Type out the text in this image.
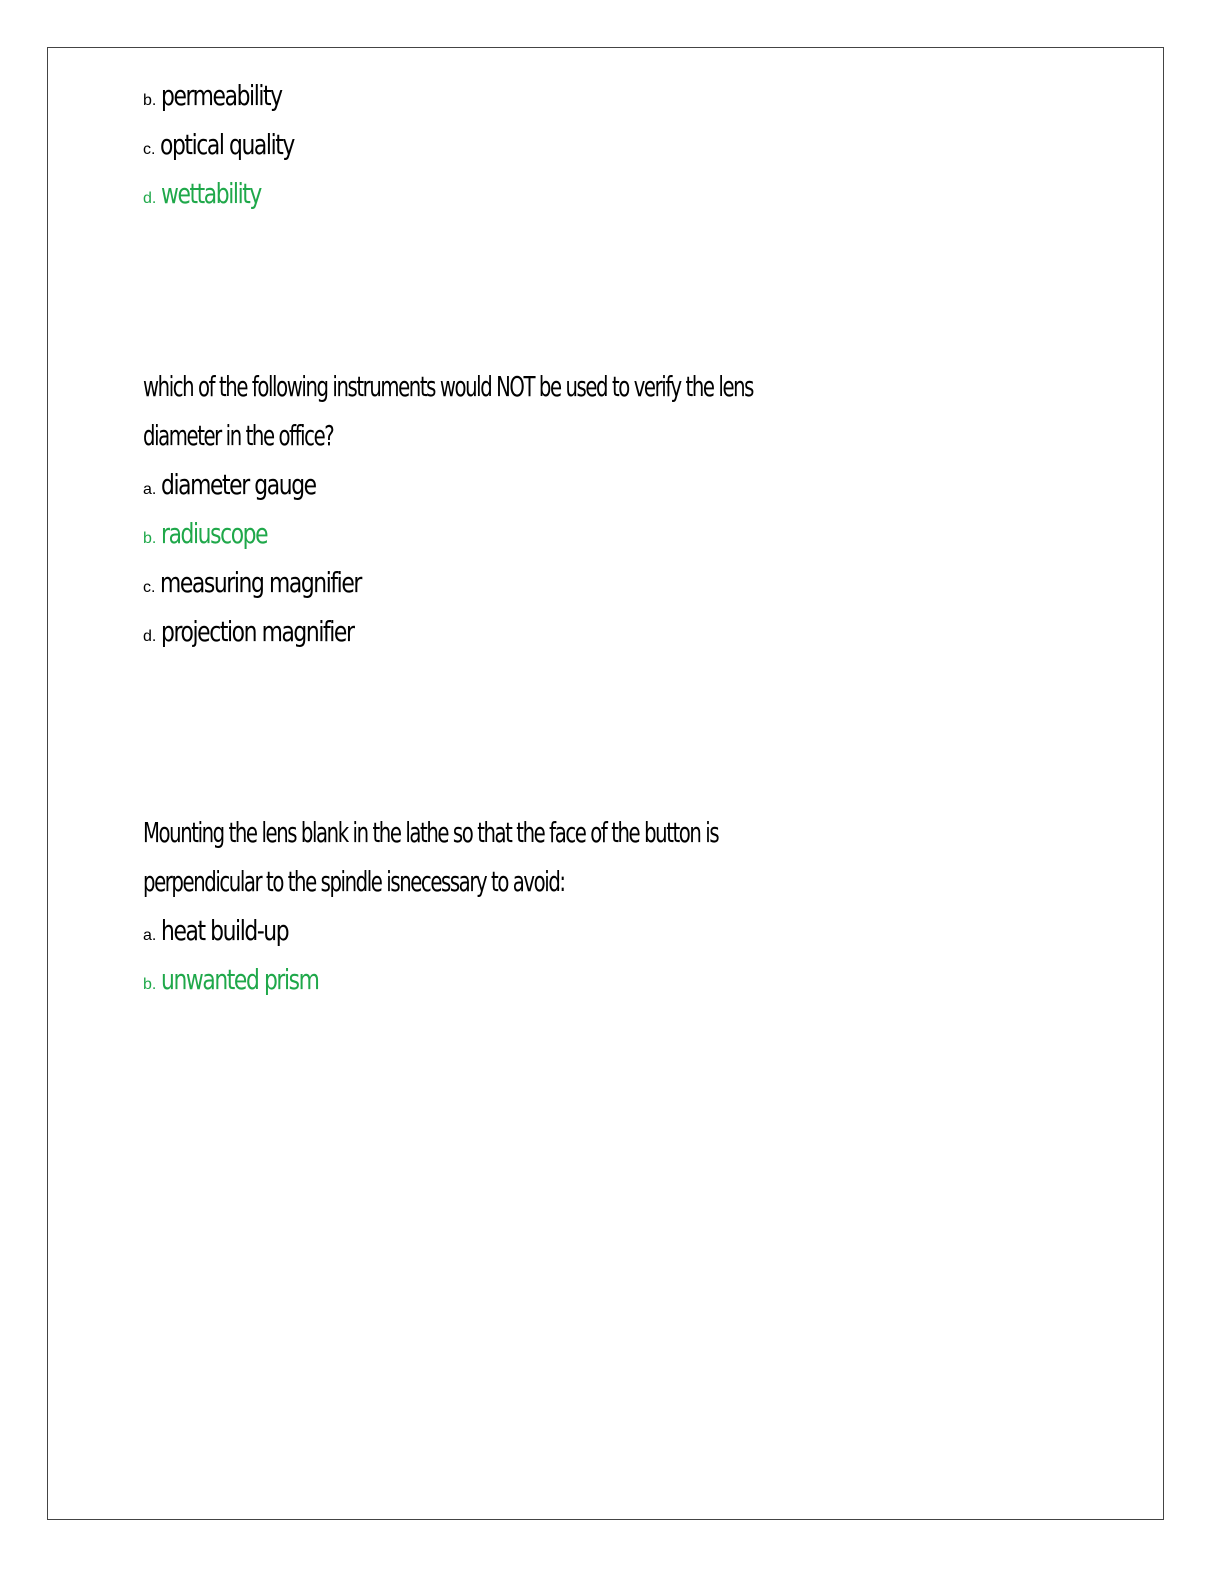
b. permeability
c. optical quality
d. wettability
which of the following instruments would NOT be used to verify the lens
diameter in the office?
a. diameter gauge
b. radiuscope
c. measuring magnifier
d. projection magnifier
Mounting the lens blank in the lathe so that the face of the button is
perpendicular to the spindle isnecessary to avoid:
a. heat build-up
b. unwanted prism
